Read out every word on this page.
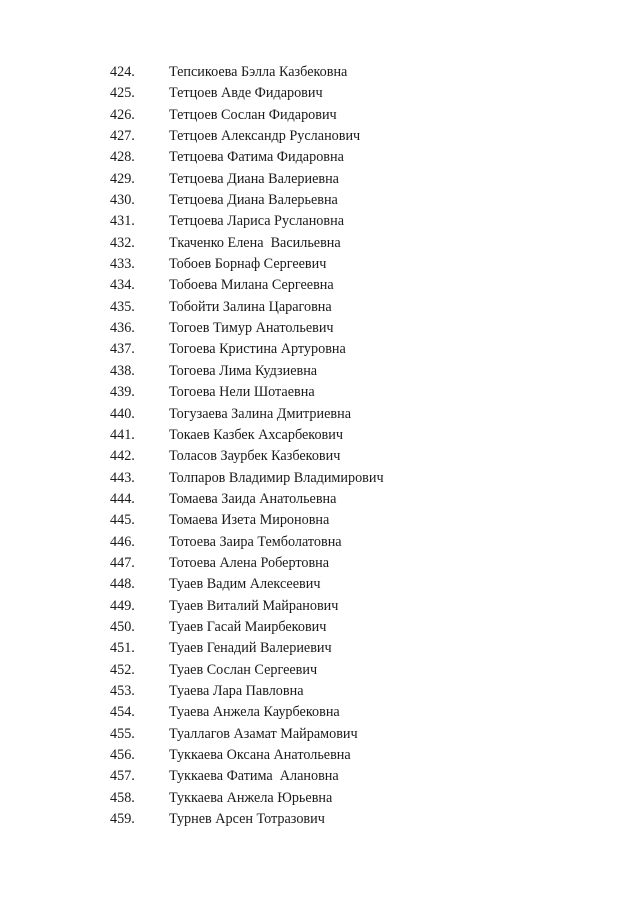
424. Тепсикоева Бэлла Казбековна
425. Тетцоев Авде Фидарович
426. Тетцоев Сослан Фидарович
427. Тетцоев Александр Русланович
428. Тетцоева Фатима Фидаровна
429. Тетцоева Диана Валериевна
430. Тетцоева Диана Валерьевна
431. Тетцоева Лариса Руслановна
432. Ткаченко Елена  Васильевна
433. Тобоев Борнаф Сергеевич
434. Тобоева Милана Сергеевна
435. Тобойти Залина Цараговна
436. Тогоев Тимур Анатольевич
437. Тогоева Кристина Артуровна
438. Тогоева Лима Кудзиевна
439. Тогоева Нели Шотаевна
440. Тогузаева Залина Дмитриевна
441. Токаев Казбек Ахсарбекович
442. Толасов Заурбек Казбекович
443. Толпаров Владимир Владимирович
444. Томаева Заида Анатольевна
445. Томаева Изета Мироновна
446. Тотоева Заира Темболатовна
447. Тотоева Алена Робертовна
448. Туаев Вадим Алексеевич
449. Туаев Виталий Майранович
450. Туаев Гасай Маирбекович
451. Туаев Генадий Валериевич
452. Туаев Сослан Сергеевич
453. Туаева Лара Павловна
454. Туаева Анжела Каурбековна
455. Туаллагов Азамат Майрамович
456. Туккаева Оксана Анатольевна
457. Туккаева Фатима  Алановна
458. Туккаева Анжела Юрьевна
459. Турнев Арсен Тотразович
